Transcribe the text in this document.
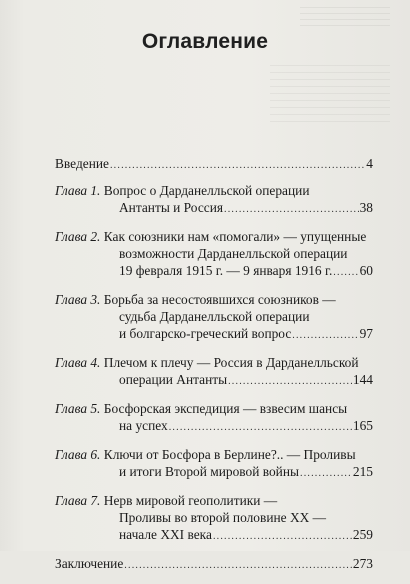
Оглавление
Введение .....	4
Глава 1. Вопрос о Дарданелльской операции
Антанты и Россия .....	38
Глава 2. Как союзники нам «помогали» — упущенные
возможности Дарданелльской операции
19 февраля 1915 г. — 9 января 1916 г. ..... 60
Глава 3. Борьба за несостоявшихся союзников —
судьба Дарданелльской операции
и болгарско-греческий вопрос .....	97
Глава 4. Плечом к плечу — Россия в Дарданелльской
операции Антанты .....	144
Глава 5. Босфорская экспедиция — взвесим шансы
на успех .....	165
Глава 6. Ключи от Босфора в Берлине?.. — Проливы
и итоги Второй мировой войны .....	215
Глава 7. Нерв мировой геополитики —
Проливы во второй половине XX —
начале XXI века .....	259
Заключение .....	273
